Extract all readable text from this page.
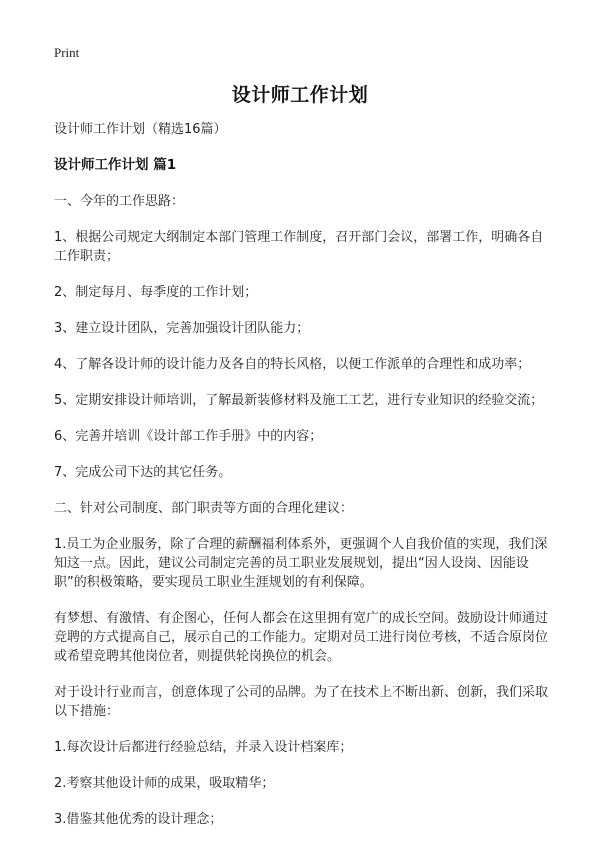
Print
设计师工作计划

设计师工作计划（精选16篇）

设计师工作计划 篇1

一、今年的工作思路：

1、根据公司规定大纲制定本部门管理工作制度，召开部门会议，部署工作，明确各自工作职责；

2、制定每月、每季度的工作计划；

3、建立设计团队，完善加强设计团队能力；

4、了解各设计师的设计能力及各自的特长风格，以便工作派单的合理性和成功率；

5、定期安排设计师培训，了解最新装修材料及施工工艺，进行专业知识的经验交流；

6、完善并培训《设计部工作手册》中的内容；

7、完成公司下达的其它任务。

二、针对公司制度、部门职责等方面的合理化建议：

1.员工为企业服务，除了合理的薪酬福利体系外，更强调个人自我价值的实现，我们深知这一点。因此，建议公司制定完善的员工职业发展规划，提出“因人设岗、因能设职”的积极策略，要实现员工职业生涯规划的有利保障。

有梦想、有激情、有企图心，任何人都会在这里拥有宽广的成长空间。鼓励设计师通过竞聘的方式提高自己，展示自己的工作能力。定期对员工进行岗位考核，不适合原岗位或希望竞聘其他岗位者，则提供轮岗换位的机会。

对于设计行业而言，创意体现了公司的品牌。为了在技术上不断出新、创新，我们采取以下措施：

1.每次设计后都进行经验总结，并录入设计档案库；

2.考察其他设计师的成果，吸取精华；

3.借鉴其他优秀的设计理念；
